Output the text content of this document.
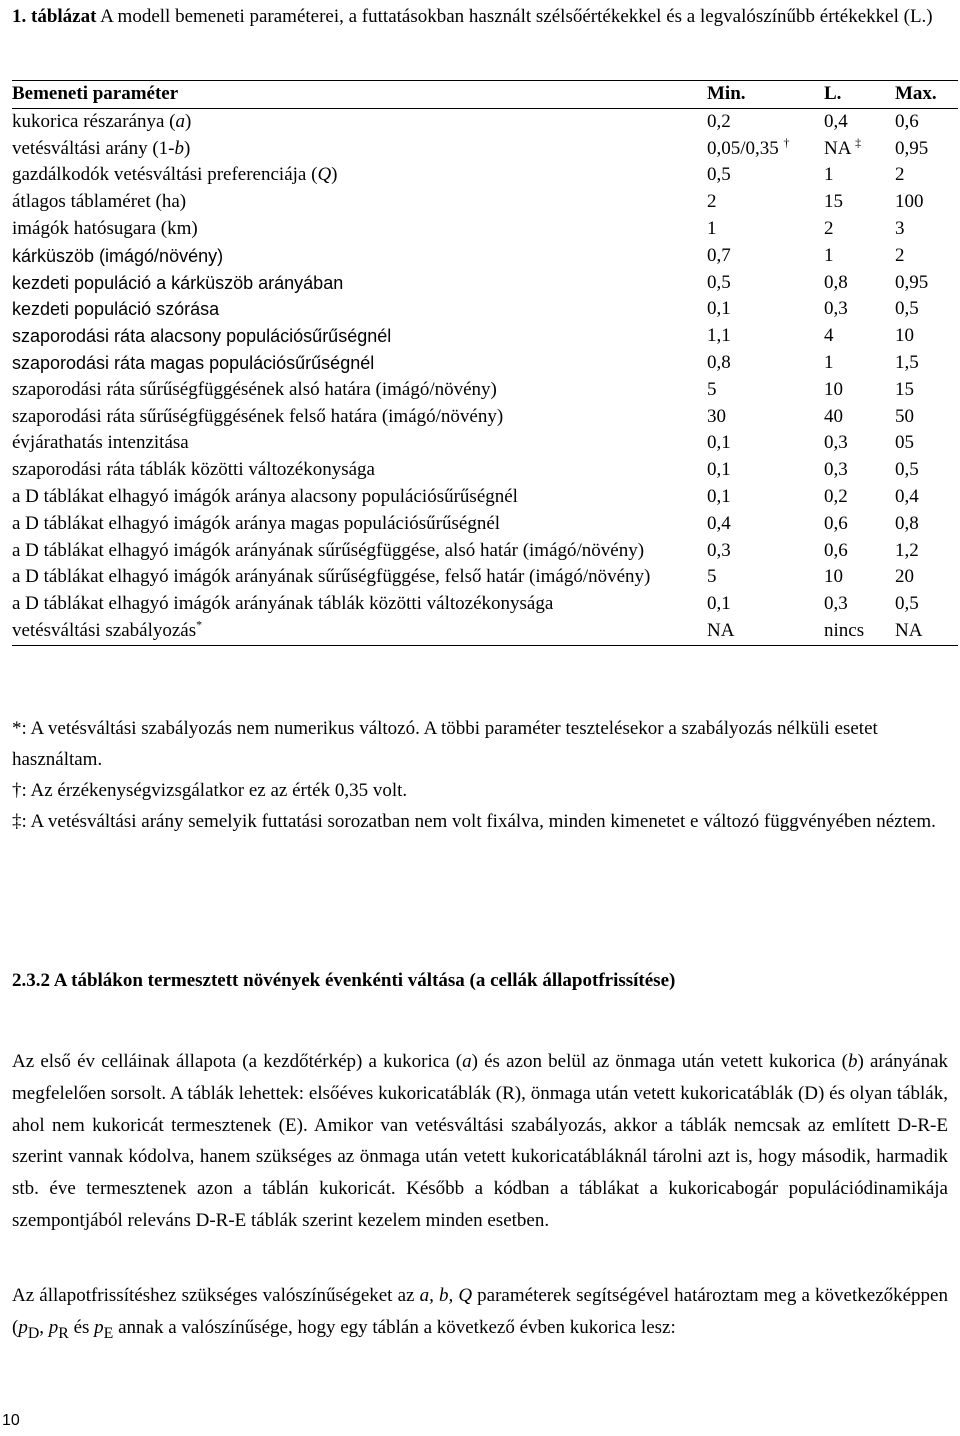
1. táblázat A modell bemeneti paraméterei, a futtatásokban használt szélsőértékekkel és a legvalószínűbb értékekkel (L.)
Bemeneti paraméter	Min.	L.	Max.
kukorica részaránya (a)	0,2	0,4	0,6
vetésváltási arány (1-b)	0,05/0,35 †	NA ‡	0,95
gazdálkodók vetésváltási preferenciája (Q)	0,5	1	2
átlagos táblaméret (ha)	2	15	100
imágók hatósugara (km)	1	2	3
kárküszöb (imágó/növény)	0,7	1	2
kezdeti populáció a kárküszöb arányában	0,5	0,8	0,95
kezdeti populáció szórása	0,1	0,3	0,5
szaporodási ráta alacsony populációsűrűségnél	1,1	4	10
szaporodási ráta magas populációsűrűségnél	0,8	1	1,5
szaporodási ráta sűrűségfüggésének alsó határa (imágó/növény)	5	10	15
szaporodási ráta sűrűségfüggésének felső határa (imágó/növény)	30	40	50
évjárathatás intenzitása	0,1	0,3	05
szaporodási ráta táblák közötti változékonysága	0,1	0,3	0,5
a D táblákat elhagyó imágók aránya alacsony populációsűrűségnél	0,1	0,2	0,4
a D táblákat elhagyó imágók aránya magas populációsűrűségnél	0,4	0,6	0,8
a D táblákat elhagyó imágók arányának sűrűségfüggése, alsó határ (imágó/növény)	0,3	0,6	1,2
a D táblákat elhagyó imágók arányának sűrűségfüggése, felső határ (imágó/növény)	5	10	20
a D táblákat elhagyó imágók arányának táblák közötti változékonysága	0,1	0,3	0,5
vetésváltási szabályozás*	NA	nincs	NA

*: A vetésváltási szabályozás nem numerikus változó. A többi paraméter tesztelésekor a szabályozás nélküli esetet használtam.

†: Az érzékenységvizsgálatkor ez az érték 0,35 volt.

‡: A vetésváltási arány semelyik futtatási sorozatban nem volt fixálva, minden kimenetet e változó függvényében néztem.

2.3.2 A táblákon termesztett növények évenkénti váltása (a cellák állapotfrissítése)

Az első év celláinak állapota (a kezdőtérkép) a kukorica (a) és azon belül az önmaga után vetett kukorica (b) arányának megfelelően sorsolt. A táblák lehettek: elsőéves kukoricatáblák (R), önmaga után vetett kukoricatáblák (D) és olyan táblák, ahol nem kukoricát termesztenek (E). Amikor van vetésváltási szabályozás, akkor a táblák nemcsak az említett D-R-E szerint vannak kódolva, hanem szükséges az önmaga után vetett kukoricatábláknál tárolni azt is, hogy második, harmadik stb. éve termesztenek azon a táblán kukoricát. Később a kódban a táblákat a kukoricabogár populációdinamikája szempontjából releváns D-R-E táblák szerint kezelem minden esetben.

Az állapotfrissítéshez szükséges valószínűségeket az a, b, Q paraméterek segítségével határoztam meg a következőképpen ($p_D$, $p_R$ és $p_E$ annak a valószínűsége, hogy egy táblán a következő évben kukorica lesz:

10
